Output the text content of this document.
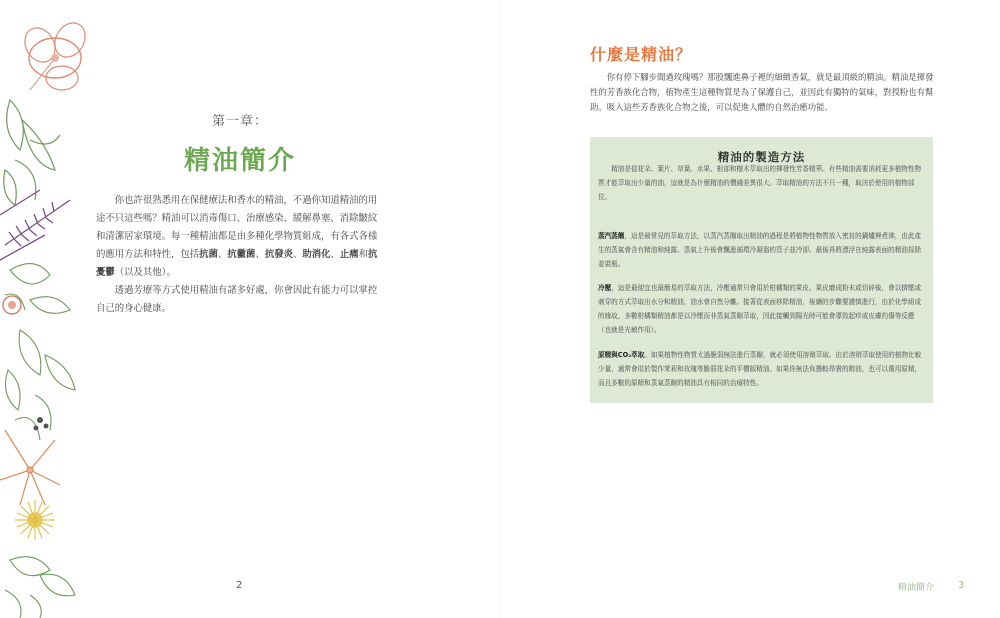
第一章：
精油簡介

你也許很熟悉用在保健療法和香水的精油，不過你知道精油的用途不只這些嗎？精油可以消毒傷口、治療感染、緩解鼻塞、消除皺紋和清潔居家環境。每一種精油都是由多種化學物質組成，有各式各樣的應用方法和特性，包括抗菌、抗黴菌、抗發炎、助消化、止痛和抗憂鬱（以及其他）。

透過芳療等方式使用精油有諸多好處，你會因此有能力可以掌控自己的身心健康。

2
什麼是精油？
你有停下腳步聞過玫瑰嗎？那股飄進鼻子裡的細緻香氣，就是最頂級的精油。精油是揮發性的芳香族化合物，植物產生這種物質是為了保護自己，並因此有獨特的氣味，對授粉也有幫助。吸入這些芳香族化合物之後，可以促進人體的自然治癒功能。
精油的製造方法
精油是從花朵、葉片、草葉、水果、根部和樹木萃取出的揮發性芳香精華。有些精油需要消耗更多植物性物質才能萃取出少量的油，這就是為什麼精油的價錢差異很大。萃取精油的方法不只一種，取決於使用的植物部位。
蒸汽蒸餾，這是最常見的萃取方法，以蒸汽蒸餾取出精油的過程是將植物性物質放入密封的鍋爐裡煮沸，由此產生的蒸氣會含有精油和純露。蒸氣上升後會飄進循環冷凝器的管子並冷卻。最後再將漂浮在純露表面的精油採除並裝瓶。
冷壓，這是最便宜也最簡易的萃取方法，冷壓通常只會用於柑橘類的果皮。果皮磨成粉末或切碎後，會以擠壓或刺穿的方式萃取出水分和精油，油水會自然分離。接著從表面移除精油，後續的步驟要謹慎進行，由於化學組成的緣故，多數柑橘類精油都是以冷壓而非蒸氣蒸餾萃取，因此接觸到陽光時可能會導致起疹或皮膚灼傷等反應（也就是光敏作用）。
原精與CO₂萃取。如果植物性物質太過脆弱無法進行蒸餾，就必須使用溶劑萃取。由於溶劑萃取使用的植物比較少量，通常會用於製作茉莉和玫瑰等脆弱花朵的平價版精油。如果你無法負擔較昂貴的精油，也可以選用原精，而且多數的原精和蒸氣蒸餾的精油具有相同的治療特性。
精油簡介 3
